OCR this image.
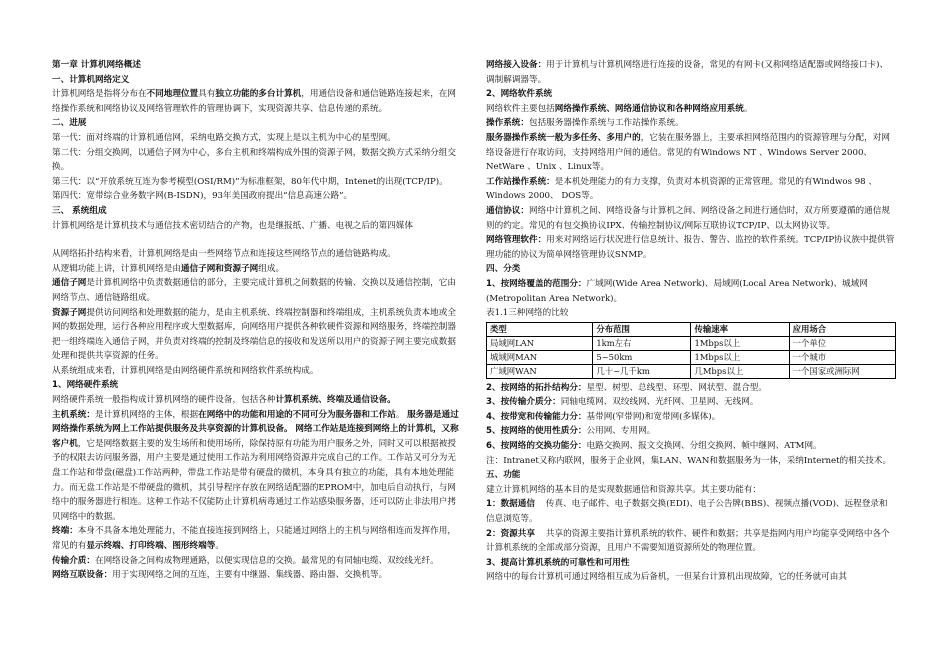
第一章 计算机网络概述

一、计算机网络定义

计算机网络是指将分布在不同地理位置具有独立功能的多台计算机，用通信设备和通信链路连接起来，在网络操作系统和网络协议及网络管理软件的管理协调下，实现资源共享、信息传递的系统。

二、进展

第一代：面对终端的计算机通信网，采纳电路交换方式，实现上是以主机为中心的星型网。

第二代：分组交换网，以通信子网为中心，多台主机和终端构成外围的资源子网，数据交换方式采纳分组交换。

第三代：以“开放系统互连为参考模型(OSI/RM)”为标准框架，80年代中期，Intenet的出现(TCP/IP)。

第四代：宽带综合业务数字网(B-ISDN)，93年美国政府提出“信息高速公路”。

三、 系统组成

计算机网络是计算机技术与通信技术密切结合的产物，也是继报纸、广播、电视之后的第四媒体

从网络拓扑结构来看，计算机网络是由一些网络节点和连接这些网络节点的通信链路构成。

从逻辑功能上讲，计算机网络是由通信子网和资源子网组成。

通信子网是计算机网络中负责数据通信的部分，主要完成计算机之间数据的传输、交换以及通信控制，它由网络节点、通信链路组成。

资源子网提供访问网络和处理数据的能力，是由主机系统、终端控制器和终端组成，主机系统负责本地或全网的数据处理，运行各种应用程序或大型数据库，向网络用户提供各种软硬件资源和网络服务，终端控制器把一组终端连入通信子网，并负责对终端的控制及终端信息的接收和发送所以用户的资源子网主要完成数据处理和提供共享资源的任务。

从系统组成来看，计算机网络是由网络硬件系统和网络软件系统构成。

1、网络硬件系统

网络硬件系统一般指构成计算机网络的硬件设备，包括各种计算机系统、终端及通信设备。

主机系统：是计算机网络的主体，根据在网络中的功能和用途的不同可分为服务器和工作站。 服务器是通过网络操作系统为网上工作站提供服务及共享资源的计算机设备。 网络工作站是连接到网络上的计算机，又称客户机，它是网络数据主要的发生场所和使用场所，除保持原有功能为用户服务之外，同时又可以根据被授予的权限去访问服务器，用户主要是通过使用工作站为利用网络资源并完成自己的工作。工作站又可分为无盘工作站和带盘(磁盘)工作站两种，带盘工作站是带有硬盘的微机，本身具有独立的功能，具有本地处理能力。而无盘工作站是不带硬盘的微机，其引导程序存放在网络适配器的EPROM中，加电后自动执行，与网络中的服务器进行相连。这种工作站不仅能防止计算机病毒通过工作站感染服务器，还可以防止非法用户拷贝网络中的数据。

终端：本身不具备本地处理能力，不能直接连接到网络上，只能通过网络上的主机与网络相连而发挥作用，常见的有显示终端、打印终端、图形终端等。

传输介质：在网络设备之间构成物理通路，以便实现信息的交换。最常见的有同轴电缆、双绞线光纤。

网络互联设备：用于实现网络之间的互连，主要有中继器、集线器、路由器、交换机等。

网络接入设备：用于计算机与计算机网络进行连接的设备，常见的有网卡(又称网络适配器或网络接口卡)、调制解调器等。

2、网络软件系统

网络软件主要包括网络操作系统、网络通信协议和各种网络应用系统。

操作系统：包括服务器操作系统与工作站操作系统。

服务器操作系统一般为多任务、多用户的，它装在服务器上，主要承担网络范围内的资源管理与分配，对网络设备进行存取访问，支持网络用户间的通信。常见的有Windows NT 、Windows Server 2000、 NetWare 、Unix 、Linux等。

工作站操作系统：是本机处理能力的有力支撑，负责对本机资源的正常管理。常见的有Windwos 98 、Windows 2000、 DOS等。

通信协议：网络中计算机之间、网络设备与计算机之间、网络设备之间进行通信时，双方所要遵循的通信规则的约定。常见的有包交换协议IPX、传输控制协议/网际互联协议TCP/IP、以太网协议等。

网络管理软件：用来对网络运行状况进行信息统计、报告、警告、监控的软件系统。TCP/IP协议族中提供管理功能的协议为简单网络管理协议SNMP。

四、分类

1、按网络覆盖的范围分：广域网(Wide Area Network)、局域网(Local Area Network)、城域网(Metropolitan Area Network)。

表1.1三种网络的比较

类型	分布范围	传输速率	应用场合
局域网LAN	1km左右	1Mbps以上	一个单位
城域网MAN	5~50km	1Mbps以上	一个城市
广域网WAN	几十~几千km	几Mbps以上	一个国家或洲际网

2、按网络的拓扑结构分：星型、树型、总线型、环型、网状型、混合型。

3、按传输介质分：同轴电缆网、双绞线网、光纤网、卫星网、无线网。

4、按带宽和传输能力分：基带网(窄带网)和宽带网(多媒体)。

5、按网络的使用性质分：公用网、专用网。

6、按网络的交换功能分：电路交换网、报文交换网、分组交换网、帧中继网、ATM网。

注：Intranet又称内联网，服务于企业网，集LAN、WAN和数据服务为一体，采纳Internet的相关技术。

五、功能

建立计算机网络的基本目的是实现数据通信和资源共享。其主要功能有：

1：数据通信 传真、电子邮件、电子数据交换(EDI)、电子公告牌(BBS)、视频点播(VOD)、远程登录和信息浏览等。

2：资源共享 共享的资源主要指计算机系统的软件、硬件和数据；共享是指网内用户均能享受网络中各个计算机系统的全部或部分资源，且用户不需要知道资源所处的物理位置。

3、提高计算机系统的可靠性和可用性

网络中的每台计算机可通过网络相互成为后备机，一但某台计算机出现故障，它的任务就可由其
